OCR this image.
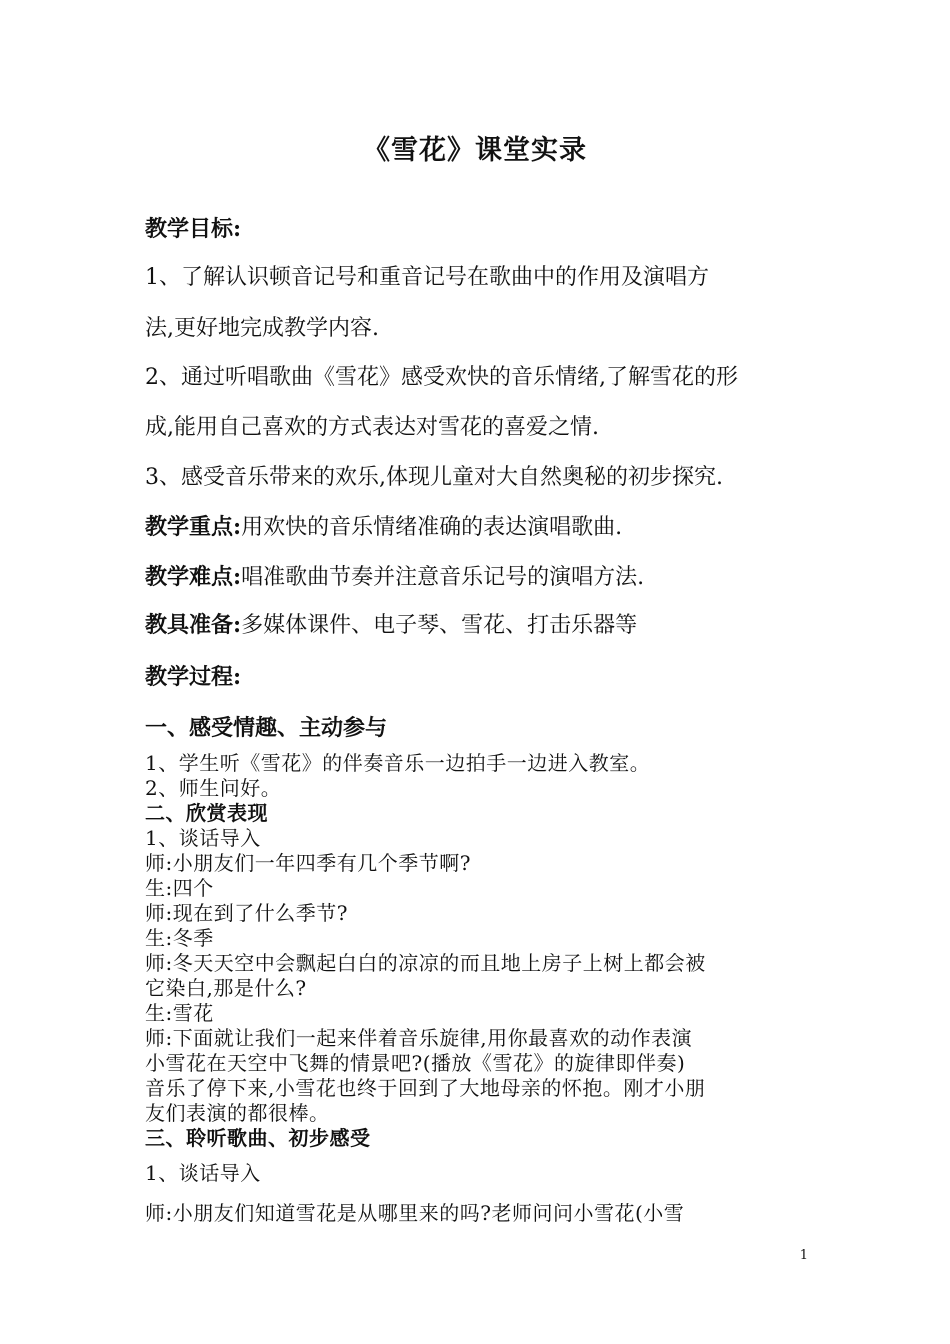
《雪花》课堂实录
教学目标:
1、了解认识顿音记号和重音记号在歌曲中的作用及演唱方
法,更好地完成教学内容.
2、通过听唱歌曲《雪花》感受欢快的音乐情绪,了解雪花的形
成,能用自己喜欢的方式表达对雪花的喜爱之情.
3、感受音乐带来的欢乐,体现儿童对大自然奥秘的初步探究.
教学重点:用欢快的音乐情绪准确的表达演唱歌曲.
教学难点:唱准歌曲节奏并注意音乐记号的演唱方法.
教具准备:多媒体课件、电子琴、雪花、打击乐器等
教学过程:
一、感受情趣、主动参与
1、学生听《雪花》的伴奏音乐一边拍手一边进入教室。
2、师生问好。
二、欣赏表现
1、谈话导入
师:小朋友们一年四季有几个季节啊?
生:四个
师:现在到了什么季节?
生:冬季
师:冬天天空中会飘起白白的凉凉的而且地上房子上树上都会被
它染白,那是什么?
生:雪花
师:下面就让我们一起来伴着音乐旋律,用你最喜欢的动作表演
小雪花在天空中飞舞的情景吧?(播放《雪花》的旋律即伴奏)
音乐了停下来,小雪花也终于回到了大地母亲的怀抱。刚才小朋
友们表演的都很棒。
三、聆听歌曲、初步感受
1、谈话导入
师:小朋友们知道雪花是从哪里来的吗?老师问问小雪花(小雪
1
